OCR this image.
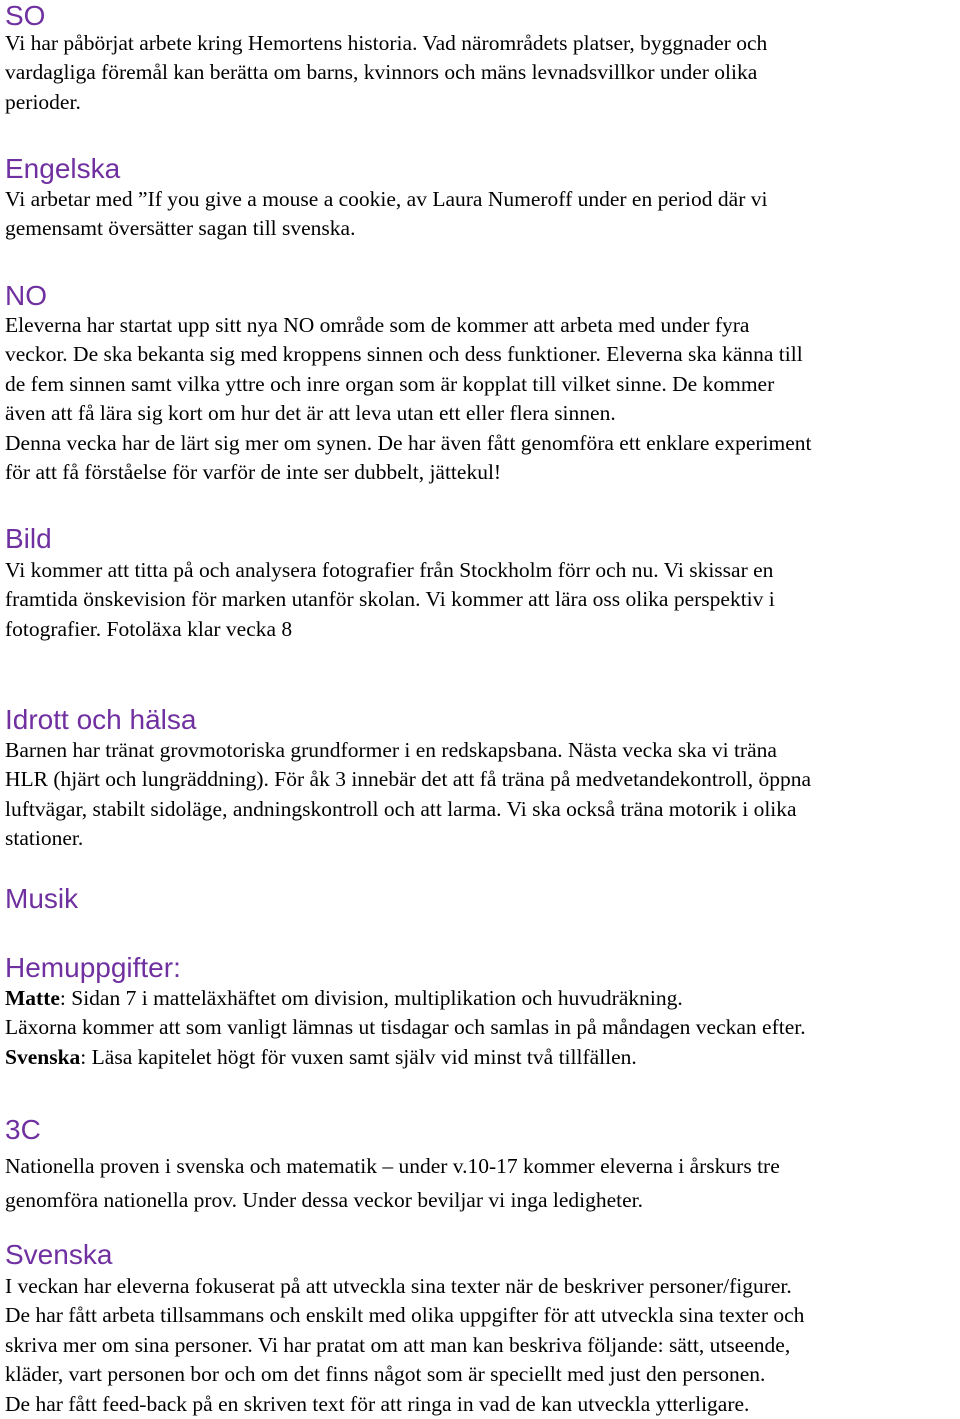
SO

Vi har påbörjat arbete kring Hemortens historia. Vad närområdets platser, byggnader och
vardagliga föremål kan berätta om barns, kvinnors och mäns levnadsvillkor under olika
perioder.

Engelska

Vi arbetar med ”If you give a mouse a cookie, av Laura Numeroff under en period där vi
gemensamt översätter sagan till svenska.

NO

Eleverna har startat upp sitt nya NO område som de kommer att arbeta med under fyra
veckor. De ska bekanta sig med kroppens sinnen och dess funktioner. Eleverna ska känna till
de fem sinnen samt vilka yttre och inre organ som är kopplat till vilket sinne. De kommer
även att få lära sig kort om hur det är att leva utan ett eller flera sinnen.
Denna vecka har de lärt sig mer om synen. De har även fått genomföra ett enklare experiment
för att få förståelse för varför de inte ser dubbelt, jättekul!

Bild

Vi kommer att titta på och analysera fotografier från Stockholm förr och nu. Vi skissar en
framtida önskevision för marken utanför skolan. Vi kommer att lära oss olika perspektiv i
fotografier. Fotoläxa klar vecka 8

Idrott och hälsa

Barnen har tränat grovmotoriska grundformer i en redskapsbana. Nästa vecka ska vi träna
HLR (hjärt och lungräddning). För åk 3 innebär det att få träna på medvetandekontroll, öppna
luftvägar, stabilt sidoläge, andningskontroll och att larma. Vi ska också träna motorik i olika
stationer.

Musik
Hemuppgifter:

Matte: Sidan 7 i matteläxhäftet om division, multiplikation och huvudräkning.
Läxorna kommer att som vanligt lämnas ut tisdagar och samlas in på måndagen veckan efter.
Svenska: Läsa kapitelet högt för vuxen samt själv vid minst två tillfällen.

3C

Nationella proven i svenska och matematik – under v.10-17 kommer eleverna i årskurs tre
genomföra nationella prov. Under dessa veckor beviljar vi inga ledigheter.

Svenska

I veckan har eleverna fokuserat på att utveckla sina texter när de beskriver personer/figurer.
De har fått arbeta tillsammans och enskilt med olika uppgifter för att utveckla sina texter och
skriva mer om sina personer. Vi har pratat om att man kan beskriva följande: sätt, utseende,
kläder, vart personen bor och om det finns något som är speciellt med just den personen.
De har fått feed-back på en skriven text för att ringa in vad de kan utveckla ytterligare.
